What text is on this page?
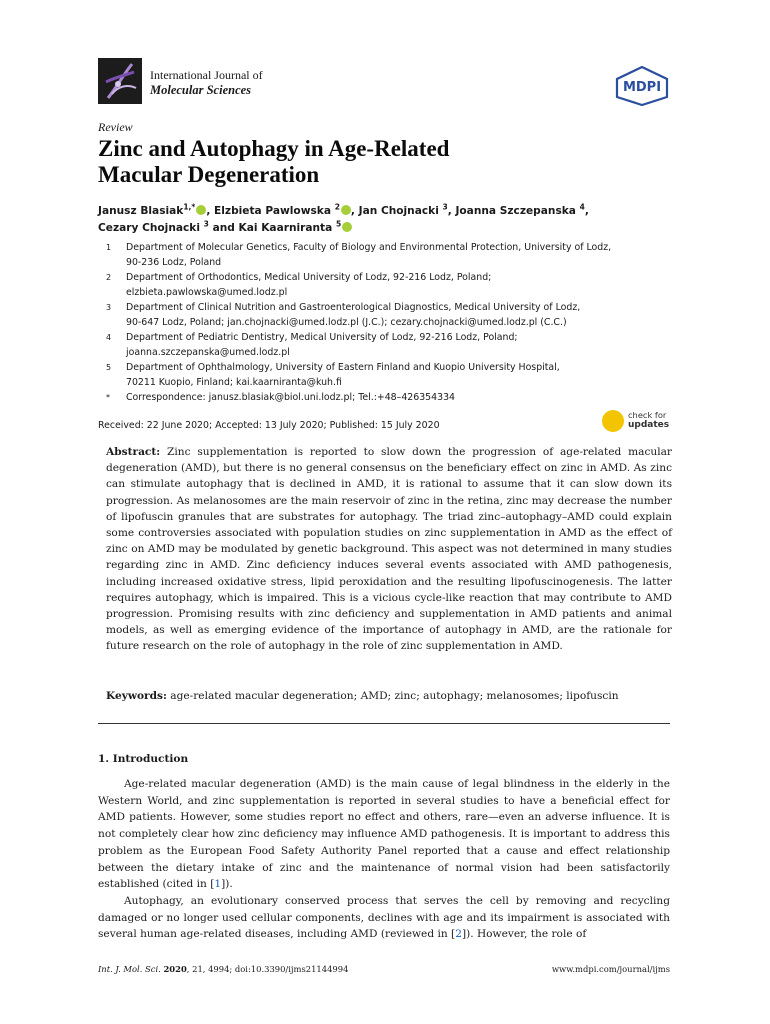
International Journal of
Molecular Sciences	MDPI
Review
Zinc and Autophagy in Age-Related
Macular Degeneration
Janusz Blasiak$^{1,*}$ , Elzbieta Pawlowska $^2$ , Jan Chojnacki $^3$, Joanna Szczepanska $^4$,
Cezary Chojnacki $^3$ and Kai Kaarniranta $^5$
1	Department of Molecular Genetics, Faculty of Biology and Environmental Protection, University of Lodz,
90-236 Lodz, Poland
2	Department of Orthodontics, Medical University of Lodz, 92-216 Lodz, Poland;
elzbieta.pawlowska@umed.lodz.pl
3	Department of Clinical Nutrition and Gastroenterological Diagnostics, Medical University of Lodz,
90-647 Lodz, Poland; jan.chojnacki@umed.lodz.pl (J.C.); cezary.chojnacki@umed.lodz.pl (C.C.)
4	Department of Pediatric Dentistry, Medical University of Lodz, 92-216 Lodz, Poland;
joanna.szczepanska@umed.lodz.pl
5	Department of Ophthalmology, University of Eastern Finland and Kuopio University Hospital,
70211 Kuopio, Finland; kai.kaarniranta@kuh.fi
*	Correspondence: janusz.blasiak@biol.uni.lodz.pl; Tel.:+48–426354334
Received: 22 June 2020; Accepted: 13 July 2020; Published: 15 July 2020
check for
updates
Abstract: Zinc supplementation is reported to slow down the progression of age-related macular degeneration (AMD), but there is no general consensus on the beneficiary effect on zinc in AMD. As zinc can stimulate autophagy that is declined in AMD, it is rational to assume that it can slow down its progression. As melanosomes are the main reservoir of zinc in the retina, zinc may decrease the number of lipofuscin granules that are substrates for autophagy. The triad zinc–autophagy–AMD could explain some controversies associated with population studies on zinc supplementation in AMD as the effect of zinc on AMD may be modulated by genetic background. This aspect was not determined in many studies regarding zinc in AMD. Zinc deficiency induces several events associated with AMD pathogenesis, including increased oxidative stress, lipid peroxidation and the resulting lipofuscinogenesis. The latter requires autophagy, which is impaired. This is a vicious cycle-like reaction that may contribute to AMD progression. Promising results with zinc deficiency and supplementation in AMD patients and animal models, as well as emerging evidence of the importance of autophagy in AMD, are the rationale for future research on the role of autophagy in the role of zinc supplementation in AMD.
Keywords: age-related macular degeneration; AMD; zinc; autophagy; melanosomes; lipofuscin
1. Introduction

Age-related macular degeneration (AMD) is the main cause of legal blindness in the elderly in the Western World, and zinc supplementation is reported in several studies to have a beneficial effect for AMD patients. However, some studies report no effect and others, rare—even an adverse influence. It is not completely clear how zinc deficiency may influence AMD pathogenesis. It is important to address this problem as the European Food Safety Authority Panel reported that a cause and effect relationship between the dietary intake of zinc and the maintenance of normal vision had been satisfactorily established (cited in [1]).

Autophagy, an evolutionary conserved process that serves the cell by removing and recycling damaged or no longer used cellular components, declines with age and its impairment is associated with several human age-related diseases, including AMD (reviewed in [2]). However, the role of

Int. J. Mol. Sci. 2020, 21, 4994; doi:10.3390/ijms21144994	www.mdpi.com/journal/ijms
